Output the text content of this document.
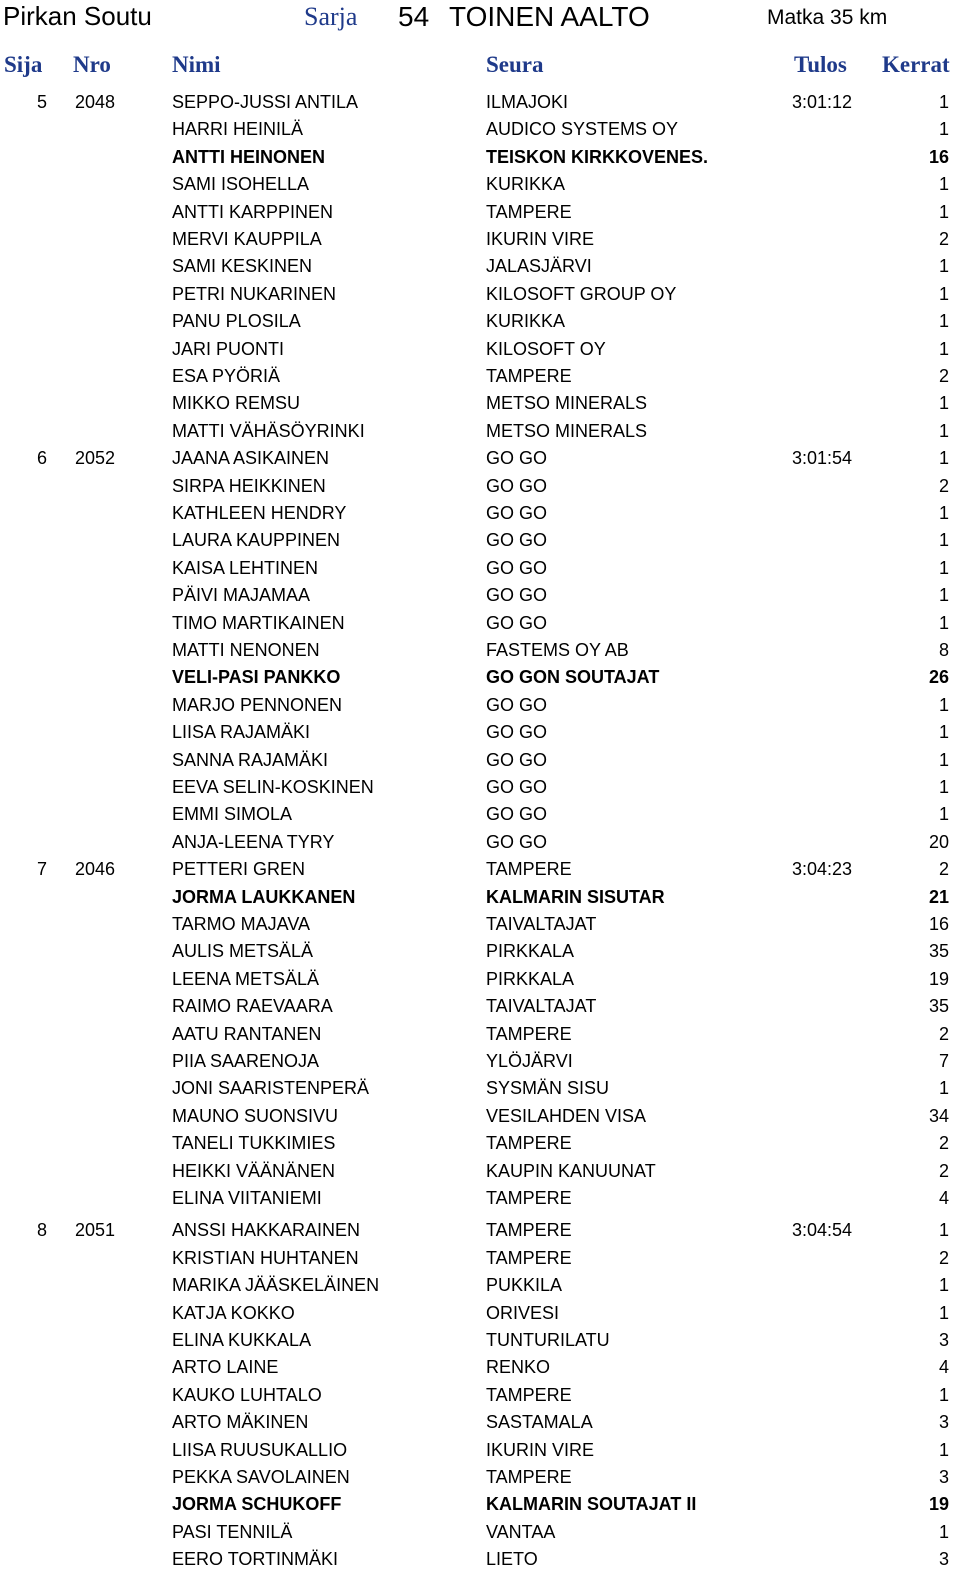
Pirkan Soutu	Sarja 54 TOINEN AALTO	Matka 35 km
Sija Nro	Nimi	Seura	Tulos Kerrat
5 2048	SEPPO-JUSSI ANTILA	ILMAJOKI	3:01:12	1
HARRI HEINILÄ	AUDICO SYSTEMS OY	1
ANTTI HEINONEN	TEISKON KIRKKOVENES.	16
SAMI ISOHELLA	KURIKKA	1
ANTTI KARPPINEN	TAMPERE	1
MERVI KAUPPILA	IKURIN VIRE	2
SAMI KESKINEN	JALASJÄRVI	1
PETRI NUKARINEN	KILOSOFT GROUP OY	1
PANU PLOSILA	KURIKKA	1
JARI PUONTI	KILOSOFT OY	1
ESA PYÖRIÄ	TAMPERE	2
MIKKO REMSU	METSO MINERALS	1
MATTI VÄHÄSÖYRINKI	METSO MINERALS	1
6 2052	JAANA ASIKAINEN	GO GO	3:01:54	1
SIRPA HEIKKINEN	GO GO	2
KATHLEEN HENDRY	GO GO	1
LAURA KAUPPINEN	GO GO	1
KAISA LEHTINEN	GO GO	1
PÄIVI MAJAMAA	GO GO	1
TIMO MARTIKAINEN	GO GO	1
MATTI NENONEN	FASTEMS OY AB	8
VELI-PASI PANKKO	GO GON SOUTAJAT	26
MARJO PENNONEN	GO GO	1
LIISA RAJAMÄKI	GO GO	1
SANNA RAJAMÄKI	GO GO	1
EEVA SELIN-KOSKINEN	GO GO	1
EMMI SIMOLA	GO GO	1
ANJA-LEENA TYRY	GO GO	20
7 2046	PETTERI GREN	TAMPERE	3:04:23	2
JORMA LAUKKANEN	KALMARIN SISUTAR	21
TARMO MAJAVA	TAIVALTAJAT	16
AULIS METSÄLÄ	PIRKKALA	35
LEENA METSÄLÄ	PIRKKALA	19
RAIMO RAEVAARA	TAIVALTAJAT	35
AATU RANTANEN	TAMPERE	2
PIIA SAARENOJA	YLÖJÄRVI	7
JONI SAARISTENPERÄ	SYSMÄN SISU	1
MAUNO SUONSIVU	VESILAHDEN VISA	34
TANELI TUKKIMIES	TAMPERE	2
HEIKKI VÄÄNÄNEN	KAUPIN KANUUNAT	2
ELINA VIITANIEMI	TAMPERE	4
8 2051	ANSSI HAKKARAINEN	TAMPERE	3:04:54	1
KRISTIAN HUHTANEN	TAMPERE	2
MARIKA JÄÄSKELÄINEN	PUKKILA	1
KATJA KOKKO	ORIVESI	1
ELINA KUKKALA	TUNTURILATU	3
ARTO LAINE	RENKO	4
KAUKO LUHTALO	TAMPERE	1
ARTO MÄKINEN	SASTAMALA	3
LIISA RUUSUKALLIO	IKURIN VIRE	1
PEKKA SAVOLAINEN	TAMPERE	3
JORMA SCHUKOFF	KALMARIN SOUTAJAT II	19
PASI TENNILÄ	VANTAA	1
EERO TORTINMÄKI	LIETO	3
